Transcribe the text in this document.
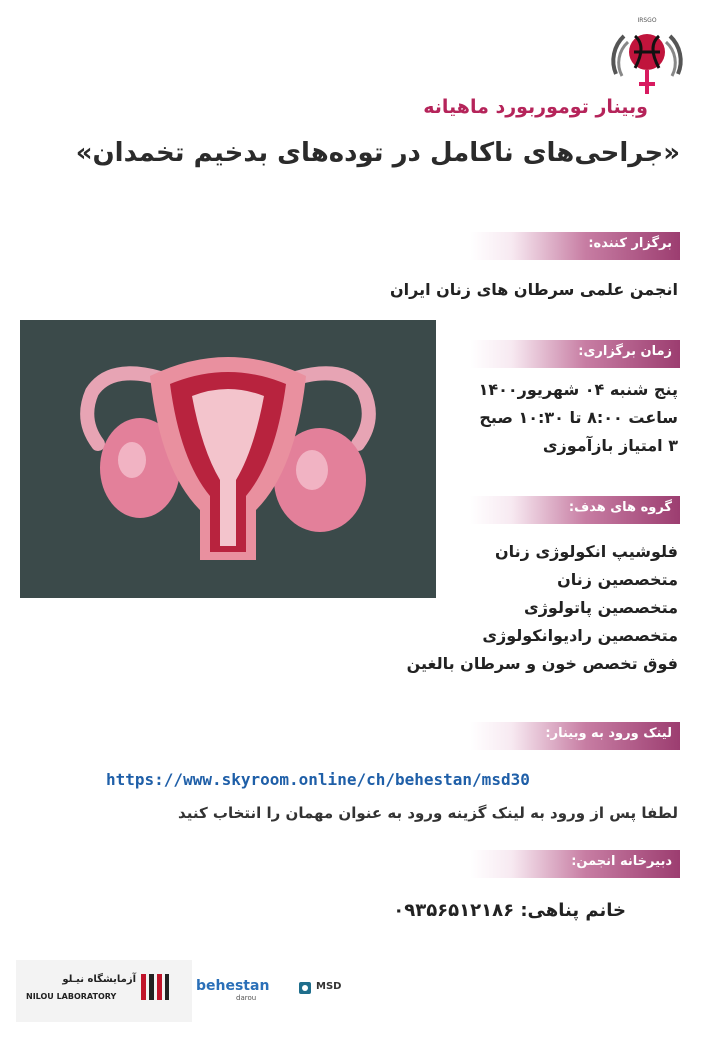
IRSGO
وبینار تومور‌بورد ماهیانه
«جراحی‌های ناکامل در توده‌های بدخیم تخمدان»
برگزار کننده:
انجمن علمی سرطان های زنان ایران
زمان برگزاری:
پنج شنبه ۰۴ شهریور۱۴۰۰
ساعت ۸:۰۰ تا ۱۰:۳۰ صبح
۳ امتیاز بازآموزی
گروه های هدف:
فلوشیپ انکولوژی زنان
متخصصین زنان
متخصصین پاتولوژی
متخصصین رادیوانکولوژی
فوق تخصص خون و سرطان بالغین
لینک ورود به وبینار:
https://www.skyroom.online/ch/behestan/msd30
لطفا پس از ورود به لینک گزینه ورود به عنوان مهمان را انتخاب کنید
دبیرخانه انجمن:
خانم پناهی: ۰۹۳۵۶۵۱۲۱۸۶
آزمایشگاه نیـلو
NILOU LABORATORY
behestan
darou
MSD
